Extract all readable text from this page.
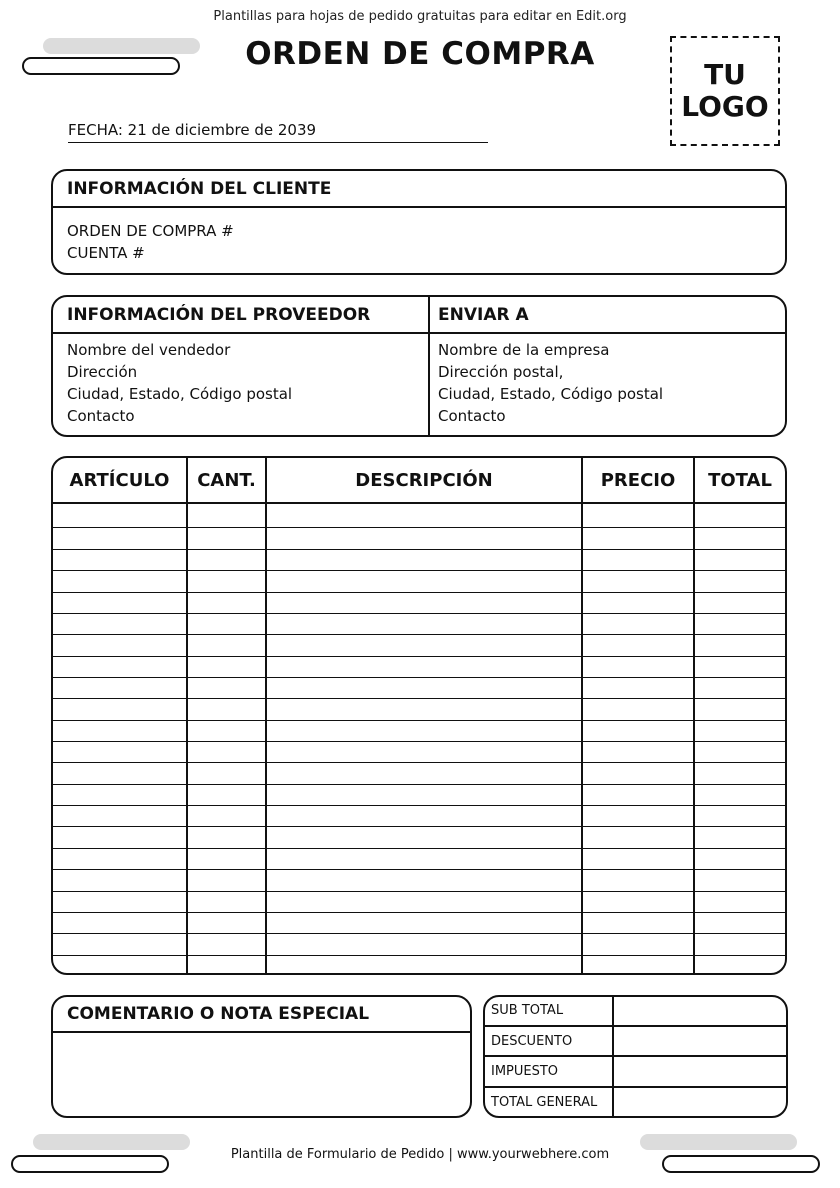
Plantillas para hojas de pedido gratuitas para editar en Edit.org
ORDEN DE COMPRA
TU
LOGO
FECHA: 21 de diciembre de 2039
INFORMACIÓN DEL CLIENTE
ORDEN DE COMPRA #
CUENTA #
INFORMACIÓN DEL PROVEEDOR
Nombre del vendedor
Dirección
Ciudad, Estado, Código postal
Contacto
ENVIAR A
Nombre de la empresa
Dirección postal,
Ciudad, Estado, Código postal
Contacto
ARTÍCULO	CANT.	DESCRIPCIÓN	PRECIO	TOTAL

COMENTARIO O NOTA ESPECIAL	SUB TOTAL	
DESCUENTO	
IMPUESTO	
TOTAL GENERAL	
Plantilla de Formulario de Pedido | www.yourwebhere.com
